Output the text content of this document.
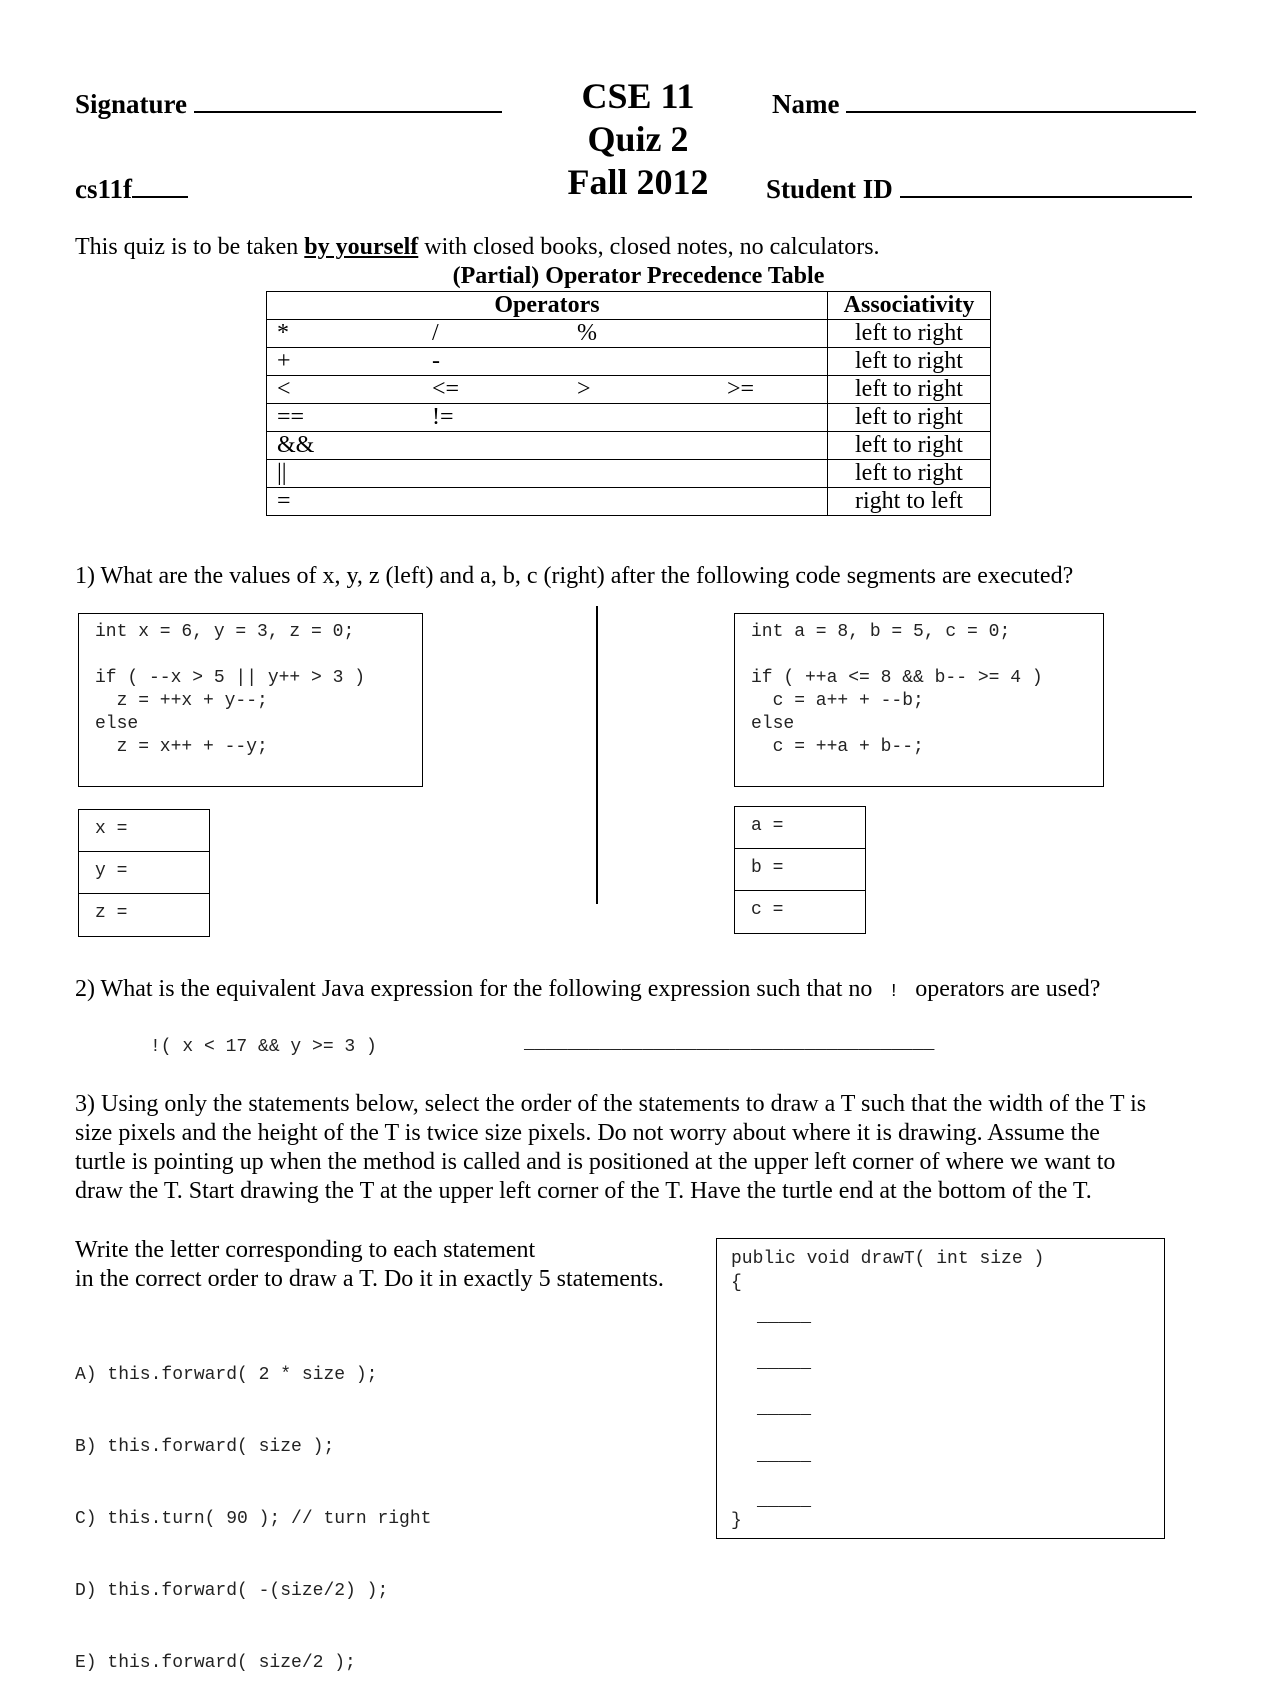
Signature
cs11f
CSE 11
Quiz 2
Fall 2012
Name
Student ID
This quiz is to be taken by yourself with closed books, closed notes, no calculators.
(Partial) Operator Precedence Table
Operators	Associativity

* / %	left to right

+ -	left to right

< <= > >=	left to right

== !=	left to right

&&	left to right

||	left to right

=	right to left
1) What are the values of x, y, z (left) and a, b, c (right) after the following code segments are executed?
int x = 6, y = 3, z = 0;

if ( --x > 5 || y++ > 3 )
z = ++x + y--;
else
z = x++ + --y;
int a = 8, b = 5, c = 0;

if ( ++a <= 8 && b-- >= 4 )
c = a++ + --b;
else
c = ++a + b--;
x =
y =
z =
a =
b =
c =
2) What is the equivalent Java expression for the following expression such that no ! operators are used?
!( x < 17 && y >= 3 )	______________________________________
3) Using only the statements below, select the order of the statements to draw a T such that the width of the T is
size pixels and the height of the T is twice size pixels. Do not worry about where it is drawing. Assume the
turtle is pointing up when the method is called and is positioned at the upper left corner of where we want to
draw the T. Start drawing the T at the upper left corner of the T. Have the turtle end at the bottom of the T.
Write the letter corresponding to each statement
in the correct order to draw a T. Do it in exactly 5 statements.

A) this.forward( 2 * size );

B) this.forward( size );

C) this.turn( 90 ); // turn right

D) this.forward( -(size/2) );

E) this.forward( size/2 );

public void drawT( int size )
{
_____
_____
_____
_____
_____
}
